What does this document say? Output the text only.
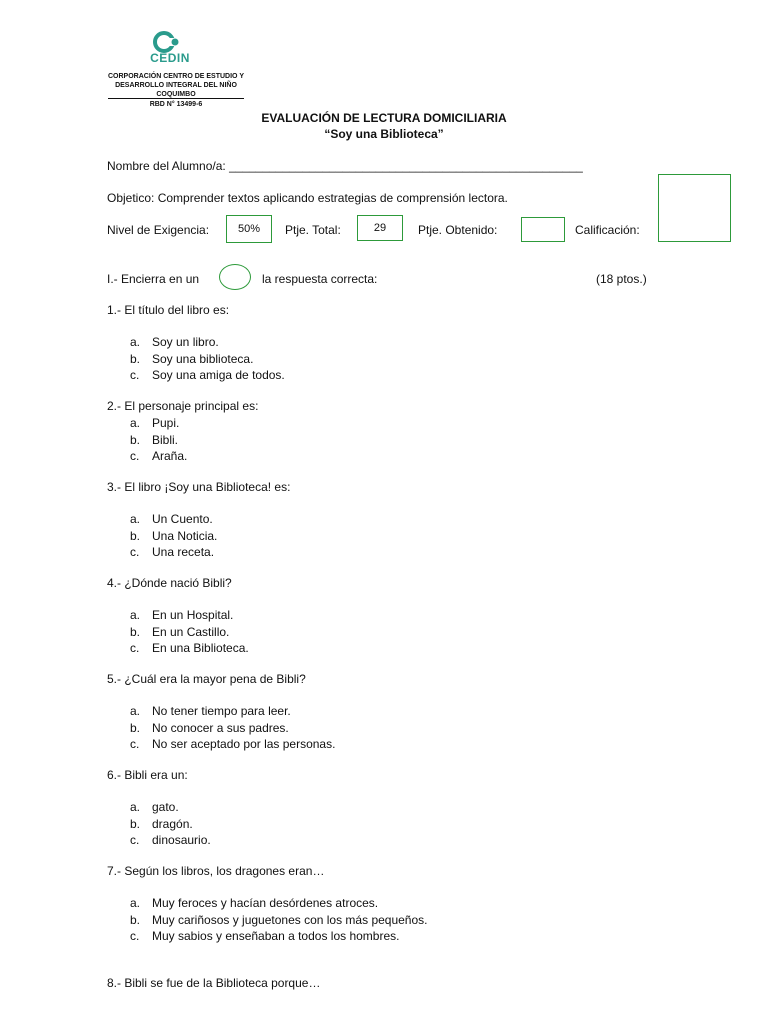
CEDIN
CORPORACIÓN CENTRO DE ESTUDIO Y
DESARROLLO INTEGRAL DEL NIÑO
COQUIMBO
RBD N° 13499-6
EVALUACIÓN DE LECTURA DOMICILIARIA
“Soy una Biblioteca”
Nombre del Alumno/a: _____________________________________________________
Objetico: Comprender textos aplicando estrategias de comprensión lectora.
Nivel de Exigencia:	50%	Ptje. Total:	29	Ptje. Obtenido:	Calificación:
I.- Encierra en un	la respuesta correcta:	(18 ptos.)
1.- El título del libro es:
a. Soy un libro.
b. Soy una biblioteca.
c. Soy una amiga de todos.
2.- El personaje principal es:
a. Pupi.
b. Bibli.
c. Araña.
3.- El libro ¡Soy una Biblioteca! es:
a. Un Cuento.
b. Una Noticia.
c. Una receta.
4.- ¿Dónde nació Bibli?
a. En un Hospital.
b. En un Castillo.
c. En una Biblioteca.
5.- ¿Cuál era la mayor pena de Bibli?
a. No tener tiempo para leer.
b. No conocer a sus padres.
c. No ser aceptado por las personas.
6.- Bibli era un:
a. gato.
b. dragón.
c. dinosaurio.
7.- Según los libros, los dragones eran…
a. Muy feroces y hacían desórdenes atroces.
b. Muy cariñosos y juguetones con los más pequeños.
c. Muy sabios y enseñaban a todos los hombres.
8.- Bibli se fue de la Biblioteca porque…
